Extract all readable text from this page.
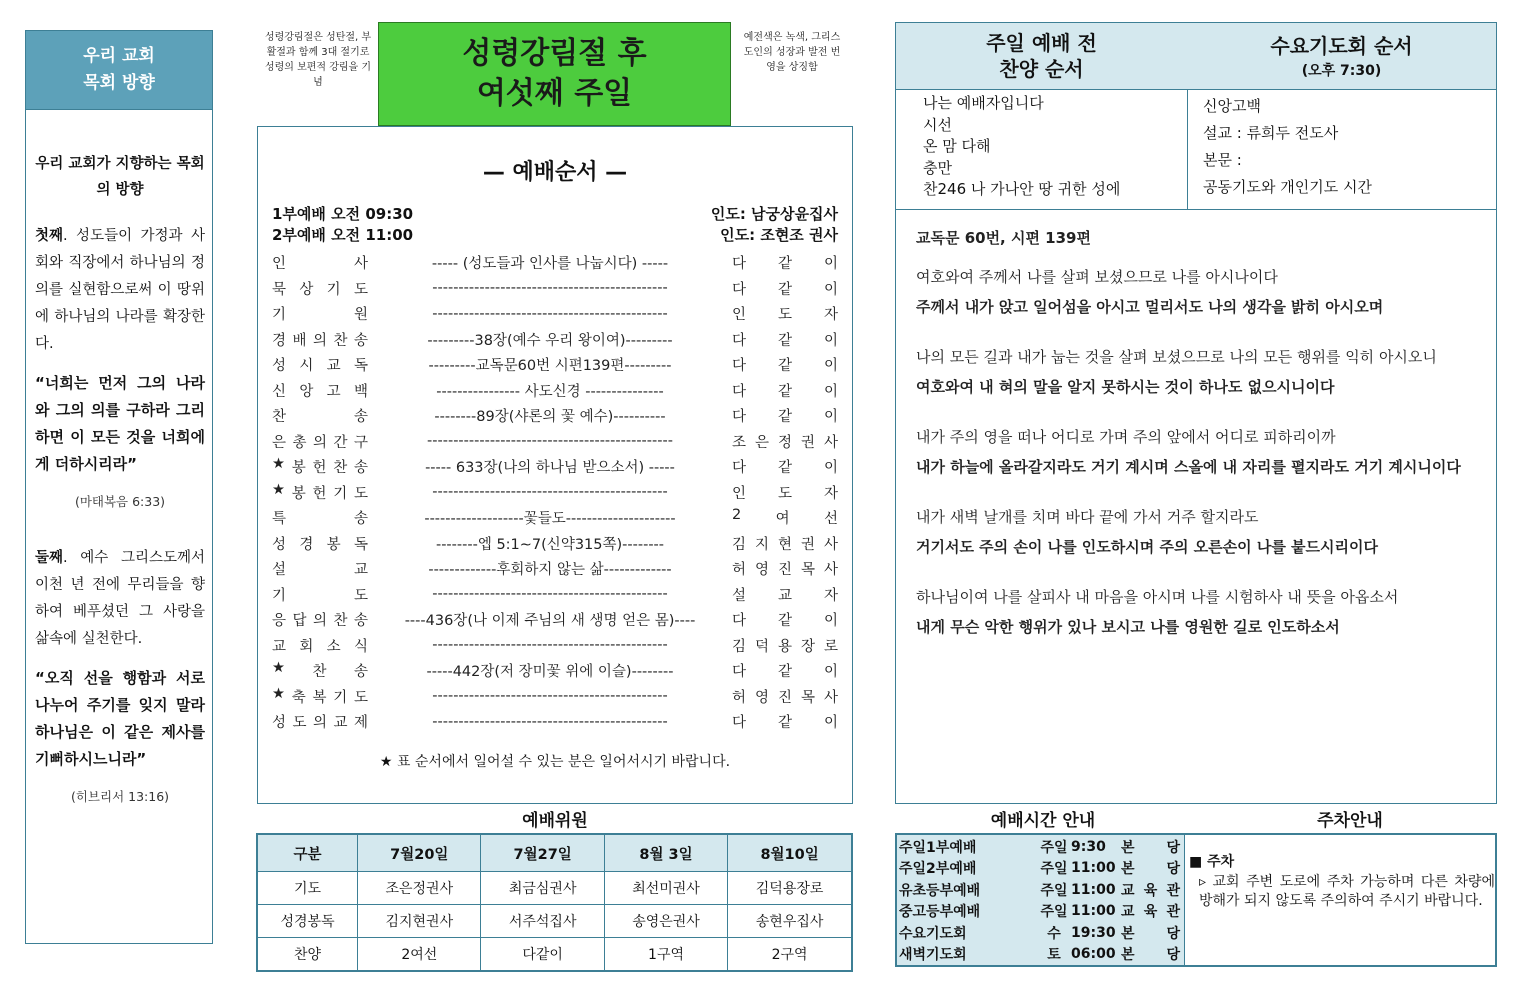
우리 교회
목회 방향
우리 교회가 지향하는 목회의 방향
첫째. 성도들이 가정과 사회와 직장에서 하나님의 정의를 실현함으로써 이 땅위에 하나님의 나라를 확장한다.
“너희는 먼저 그의 나라와 그의 의를 구하라 그리하면 이 모든 것을 너희에게 더하시리라”
(마태복음 6:33)
둘째. 예수 그리스도께서 이천 년 전에 무리들을 향하여 베푸셨던 그 사랑을 삶속에 실천한다.
“오직 선을 행함과 서로 나누어 주기를 잊지 말라 하나님은 이 같은 제사를 기뻐하시느니라”
(히브리서 13:16)
성령강림절은 성탄절, 부활절과 함께 3대 절기로 성령의 보편적 강림을 기념
성령강림절 후
여섯째 주일
예전색은 녹색, 그리스도인의 성장과 발전 번영을 상징함
— 예배순서 —
1부예배 오전 09:30	인도: 남궁상윤집사
2부예배 오전 11:00	인도: 조현조 권사
인	사	----- (성도들과 인사를 나눕시다) -----	다 같 이
묵 상 기 도	---------------------------------------------	다 같 이
기	원	---------------------------------------------	인 도 자
경 배 의 찬 송	---------38장(예수 우리 왕이여)---------	다 같 이
성 시 교 독	---------교독문60번 시편139편---------	다 같 이
신 앙 고 백	---------------- 사도신경 ---------------	다 같 이
찬	송	--------89장(샤론의 꽃 예수)----------	다 같 이
은 총 의 간 구	-----------------------------------------------	조 은 정 권 사
★ 봉 헌 찬 송	----- 633장(나의 하나님 받으소서) -----	다 같 이
★ 봉 헌 기 도	---------------------------------------------	인 도 자
특	송	-------------------꽃들도---------------------	2 여 선
성 경 봉 독	--------엡 5:1∼7(신약315쪽)--------	김 지 현 권 사
설	교	-------------후회하지 않는 삶-------------	허 영 진 목 사
기	도	---------------------------------------------	설 교 자
응 답 의 찬 송	----436장(나 이제 주님의 새 생명 얻은 몸)----	다 같 이
교 회 소 식	---------------------------------------------	김 덕 용 장 로
★ 찬 송	-----442장(저 장미꽃 위에 이슬)--------	다 같 이
★ 축 복 기 도	---------------------------------------------	허 영 진 목 사
성 도 의 교 제	---------------------------------------------	다 같 이
★ 표 순서에서 일어설 수 있는 분은 일어서시기 바랍니다.
예배위원
구분	7월20일	7월27일	8월 3일	8월10일
기도	조은정권사	최금심권사	최선미권사	김덕용장로
성경봉독	김지현권사	서주석집사	송영은권사	송현우집사
찬양	2여선	다같이	1구역	2구역
주일 예배 전
찬양 순서
수요기도회 순서
(오후 7:30)
나는 예배자입니다
시선
온 맘 다해
충만
찬246 나 가나안 땅 귀한 성에
신앙고백
설교 : 류희두 전도사
본문 :
공동기도와 개인기도 시간
교독문 60번, 시편 139편
여호와여 주께서 나를 살펴 보셨으므로 나를 아시나이다
주께서 내가 앉고 일어섬을 아시고 멀리서도 나의 생각을 밝히 아시오며
나의 모든 길과 내가 눕는 것을 살펴 보셨으므로 나의 모든 행위를 익히 아시오니
여호와여 내 혀의 말을 알지 못하시는 것이 하나도 없으시니이다
내가 주의 영을 떠나 어디로 가며 주의 앞에서 어디로 피하리이까
내가 하늘에 올라갈지라도 거기 계시며 스올에 내 자리를 펼지라도 거기 계시니이다
내가 새벽 날개를 치며 바다 끝에 가서 거주 할지라도
거기서도 주의 손이 나를 인도하시며 주의 오른손이 나를 붙드시리이다
하나님이여 나를 살피사 내 마음을 아시며 나를 시험하사 내 뜻을 아옵소서
내게 무슨 악한 행위가 있나 보시고 나를 영원한 길로 인도하소서
예배시간 안내	주차안내
주일1부예배	주일 9:30	본 당
주일2부예배	주일 11:00 본 당
유초등부예배	주일 11:00 교 육 관
중고등부예배	주일 11:00 교 육 관
수요기도회	수 19:30 본 당
새벽기도회	토 06:00 본 당
■ 주차
▹ 교회 주변 도로에 주차 가능하며 다른 차량에 방해가 되지 않도록 주의하여 주시기 바랍니다.
